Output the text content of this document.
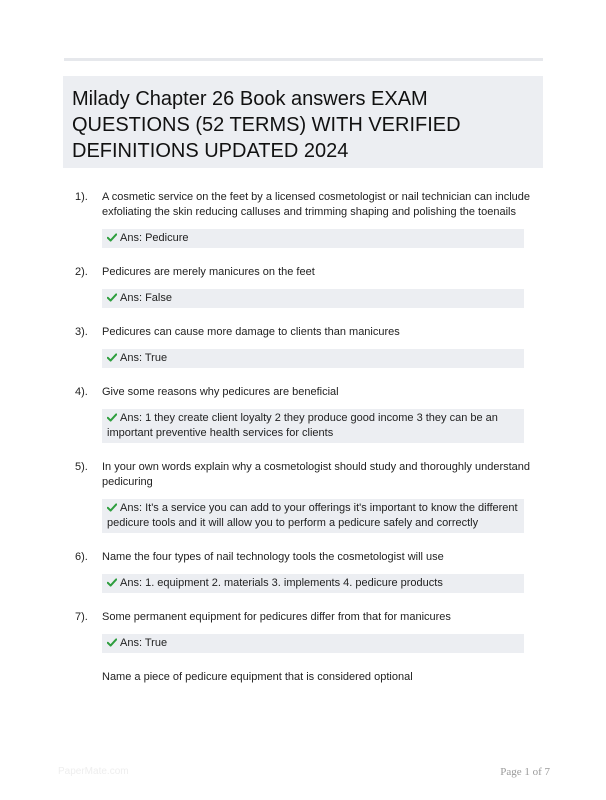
Milady Chapter 26 Book answers EXAM QUESTIONS (52 TERMS) WITH VERIFIED DEFINITIONS UPDATED 2024
1).	A cosmetic service on the feet by a licensed cosmetologist or nail technician can include exfoliating the skin reducing calluses and trimming shaping and polishing the toenails
Ans: Pedicure
2).	Pedicures are merely manicures on the feet
Ans: False
3).	Pedicures can cause more damage to clients than manicures
Ans: True
4).	Give some reasons why pedicures are beneficial
Ans: 1 they create client loyalty 2 they produce good income 3 they can be an important preventive health services for clients
5).	In your own words explain why a cosmetologist should study and thoroughly understand pedicuring
Ans: It's a service you can add to your offerings it's important to know the different pedicure tools and it will allow you to perform a pedicure safely and correctly
6).	Name the four types of nail technology tools the cosmetologist will use
Ans: 1. equipment 2. materials 3. implements 4. pedicure products
7).	Some permanent equipment for pedicures differ from that for manicures
Ans: True
Name a piece of pedicure equipment that is considered optional
PaperMate.com	Page 1 of 7
